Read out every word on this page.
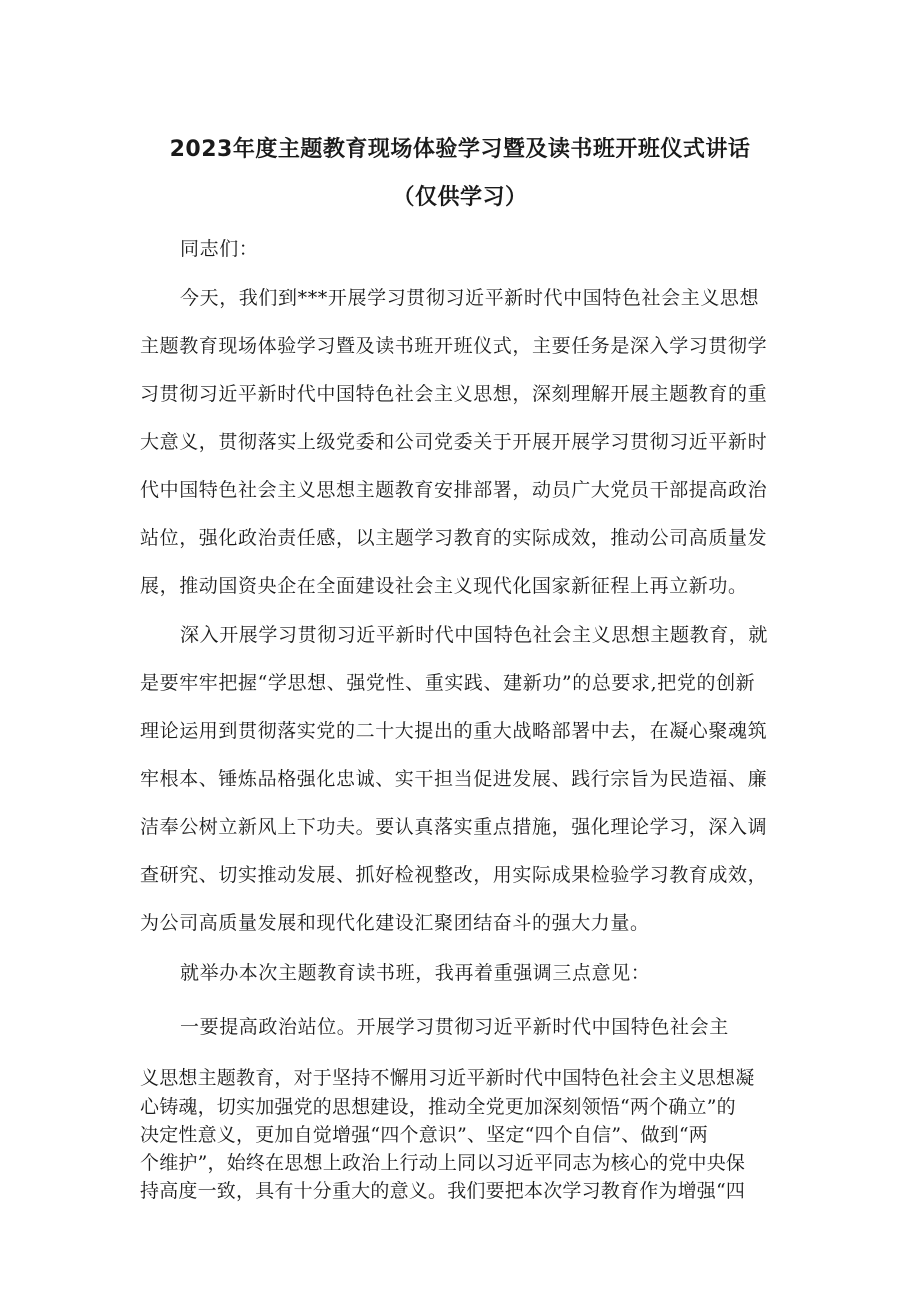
2023年度主题教育现场体验学习暨及读书班开班仪式讲话
（仅供学习）
同志们：
今天，我们到***开展学习贯彻习近平新时代中国特色社会主义思想
主题教育现场体验学习暨及读书班开班仪式，主要任务是深入学习贯彻学
习贯彻习近平新时代中国特色社会主义思想，深刻理解开展主题教育的重
大意义，贯彻落实上级党委和公司党委关于开展开展学习贯彻习近平新时
代中国特色社会主义思想主题教育安排部署，动员广大党员干部提高政治
站位，强化政治责任感，以主题学习教育的实际成效，推动公司高质量发
展，推动国资央企在全面建设社会主义现代化国家新征程上再立新功。
深入开展学习贯彻习近平新时代中国特色社会主义思想主题教育，就
是要牢牢把握“学思想、强党性、重实践、建新功”的总要求,把党的创新
理论运用到贯彻落实党的二十大提出的重大战略部署中去，在凝心聚魂筑
牢根本、锤炼品格强化忠诚、实干担当促进发展、践行宗旨为民造福、廉
洁奉公树立新风上下功夫。要认真落实重点措施，强化理论学习，深入调
查研究、切实推动发展、抓好检视整改，用实际成果检验学习教育成效，
为公司高质量发展和现代化建设汇聚团结奋斗的强大力量。
就举办本次主题教育读书班，我再着重强调三点意见：
一要提高政治站位。开展学习贯彻习近平新时代中国特色社会主
义思想主题教育，对于坚持不懈用习近平新时代中国特色社会主义思想凝
心铸魂，切实加强党的思想建设，推动全党更加深刻领悟“两个确立”的
决定性意义，更加自觉增强“四个意识”、坚定“四个自信”、做到“两
个维护”，始终在思想上政治上行动上同以习近平同志为核心的党中央保
持高度一致，具有十分重大的意义。我们要把本次学习教育作为增强“四
